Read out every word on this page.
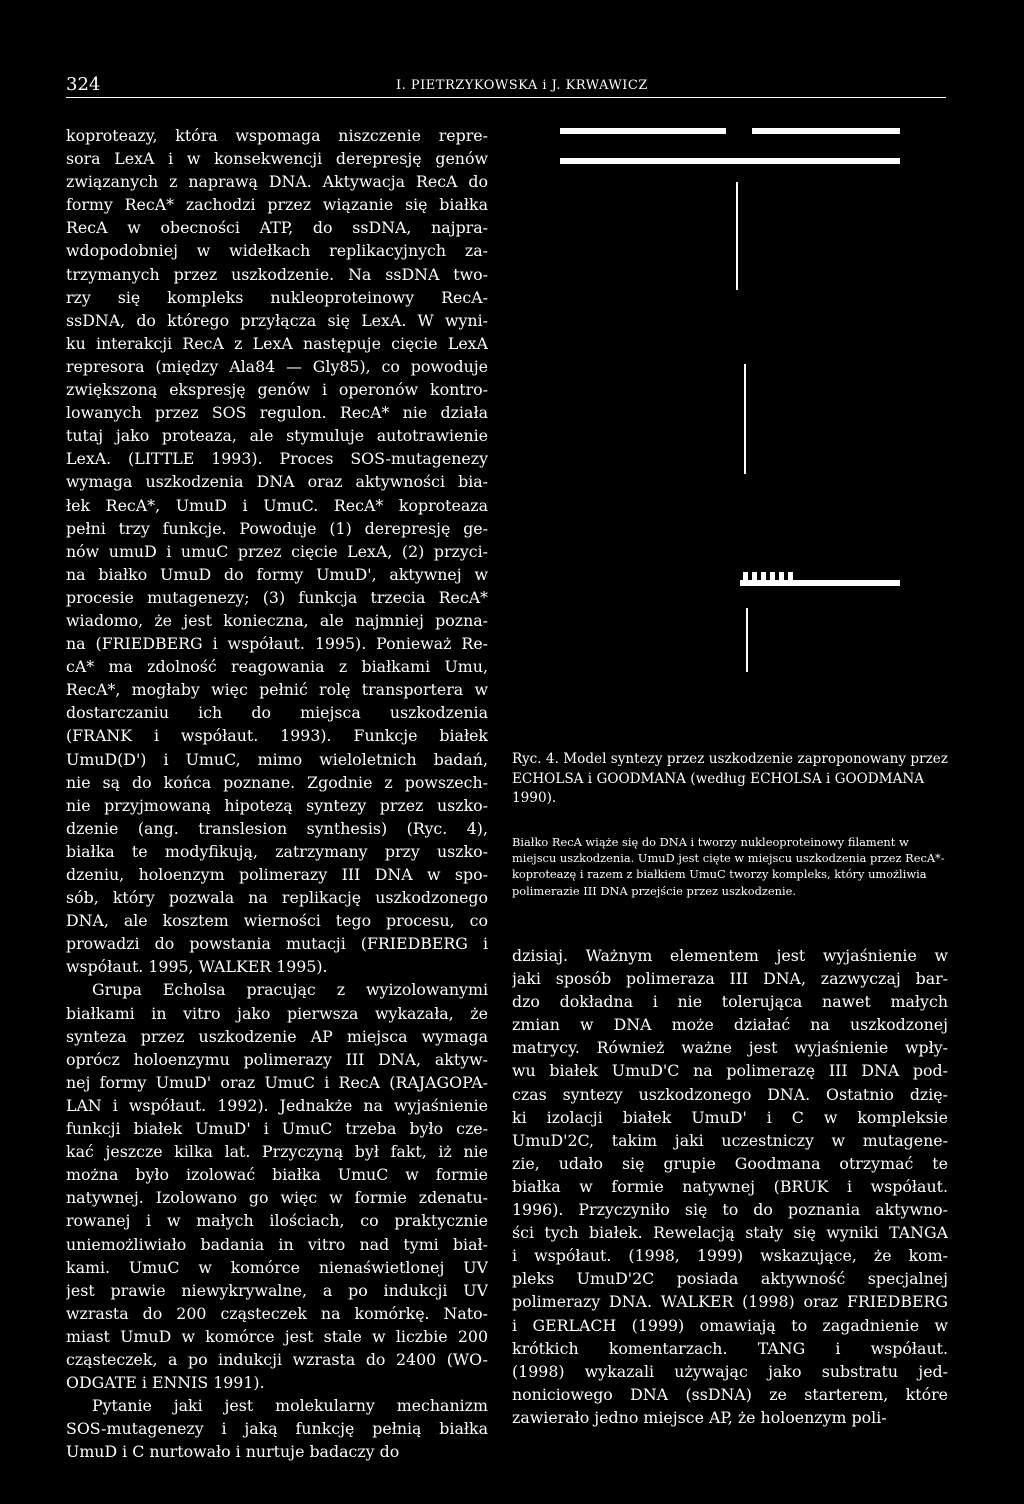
324	I. PIETRZYKOWSKA i J. KRWAWICZ
koproteazy, która wspomaga niszczenie repre-
sora LexA i w konsekwencji derepresję genów
związanych z naprawą DNA. Aktywacja RecA do
formy RecA* zachodzi przez wiązanie się białka
RecA w obecności ATP, do ssDNA, najpra-
wdopodobniej w widełkach replikacyjnych za-
trzymanych przez uszkodzenie. Na ssDNA two-
rzy się kompleks nukleoproteinowy RecA-
ssDNA, do którego przyłącza się LexA. W wyni-
ku interakcji RecA z LexA następuje cięcie LexA
represora (między Ala84 — Gly85), co powoduje
zwiększoną ekspresję genów i operonów kontro-
lowanych przez SOS regulon. RecA* nie działa
tutaj jako proteaza, ale stymuluje autotrawienie
LexA. (LITTLE 1993). Proces SOS-mutagenezy
wymaga uszkodzenia DNA oraz aktywności bia-
łek RecA*, UmuD i UmuC. RecA* koproteaza
pełni trzy funkcje. Powoduje (1) derepresję ge-
nów umuD i umuC przez cięcie LexA, (2) przyci-
na białko UmuD do formy UmuD', aktywnej w
procesie mutagenezy; (3) funkcja trzecia RecA*
wiadomo, że jest konieczna, ale najmniej pozna-
na (FRIEDBERG i współaut. 1995). Ponieważ Re-
cA* ma zdolność reagowania z białkami Umu,
RecA*, mogłaby więc pełnić rolę transportera w
dostarczaniu ich do miejsca uszkodzenia
(FRANK i współaut. 1993). Funkcje białek
UmuD(D') i UmuC, mimo wieloletnich badań,
nie są do końca poznane. Zgodnie z powszech-
nie przyjmowaną hipotezą syntezy przez uszko-
dzenie (ang. translesion synthesis) (Ryc. 4),
białka te modyfikują, zatrzymany przy uszko-
dzeniu, holoenzym polimerazy III DNA w spo-
sób, który pozwala na replikację uszkodzonego
DNA, ale kosztem wierności tego procesu, co
prowadzi do powstania mutacji (FRIEDBERG i
współaut. 1995, WALKER 1995).
Grupa Echolsa pracując z wyizolowanymi
białkami in vitro jako pierwsza wykazała, że
synteza przez uszkodzenie AP miejsca wymaga
oprócz holoenzymu polimerazy III DNA, aktyw-
nej formy UmuD' oraz UmuC i RecA (RAJAGOPA-
LAN i współaut. 1992). Jednakże na wyjaśnienie
funkcji białek UmuD' i UmuC trzeba było cze-
kać jeszcze kilka lat. Przyczyną był fakt, iż nie
można było izolować białka UmuC w formie
natywnej. Izolowano go więc w formie zdenatu-
rowanej i w małych ilościach, co praktycznie
uniemożliwiało badania in vitro nad tymi biał-
kami. UmuC w komórce nienaświetlonej UV
jest prawie niewykrywalne, a po indukcji UV
wzrasta do 200 cząsteczek na komórkę. Nato-
miast UmuD w komórce jest stale w liczbie 200
cząsteczek, a po indukcji wzrasta do 2400 (WO-
ODGATE i ENNIS 1991).
Pytanie jaki jest molekularny mechanizm
SOS-mutagenezy i jaką funkcję pełnią białka
UmuD i C nurtowało i nurtuje badaczy do
Ryc. 4. Model syntezy przez uszkodzenie zaproponowany przez ECHOLSA i GOODMANA (według ECHOLSA i GOODMANA 1990).
Białko RecA wiąże się do DNA i tworzy nukleoproteinowy filament w miejscu uszkodzenia. UmuD jest cięte w miejscu uszkodzenia przez RecA*-koproteazę i razem z białkiem UmuC tworzy kompleks, który umożliwia polimerazie III DNA przejście przez uszkodzenie.
dzisiaj. Ważnym elementem jest wyjaśnienie w
jaki sposób polimeraza III DNA, zazwyczaj bar-
dzo dokładna i nie tolerująca nawet małych
zmian w DNA może działać na uszkodzonej
matrycy. Również ważne jest wyjaśnienie wpły-
wu białek UmuD'C na polimerazę III DNA pod-
czas syntezy uszkodzonego DNA. Ostatnio dzię-
ki izolacji białek UmuD' i C w kompleksie
UmuD'2C, takim jaki uczestniczy w mutagene-
zie, udało się grupie Goodmana otrzymać te
białka w formie natywnej (BRUK i współaut.
1996). Przyczyniło się to do poznania aktywno-
ści tych białek. Rewelacją stały się wyniki TANGA
i współaut. (1998, 1999) wskazujące, że kom-
pleks UmuD'2C posiada aktywność specjalnej
polimerazy DNA. WALKER (1998) oraz FRIEDBERG
i GERLACH (1999) omawiają to zagadnienie w
krótkich komentarzach. TANG i współaut.
(1998) wykazali używając jako substratu jed-
noniciowego DNA (ssDNA) ze starterem, które
zawierało jedno miejsce AP, że holoenzym poli-
